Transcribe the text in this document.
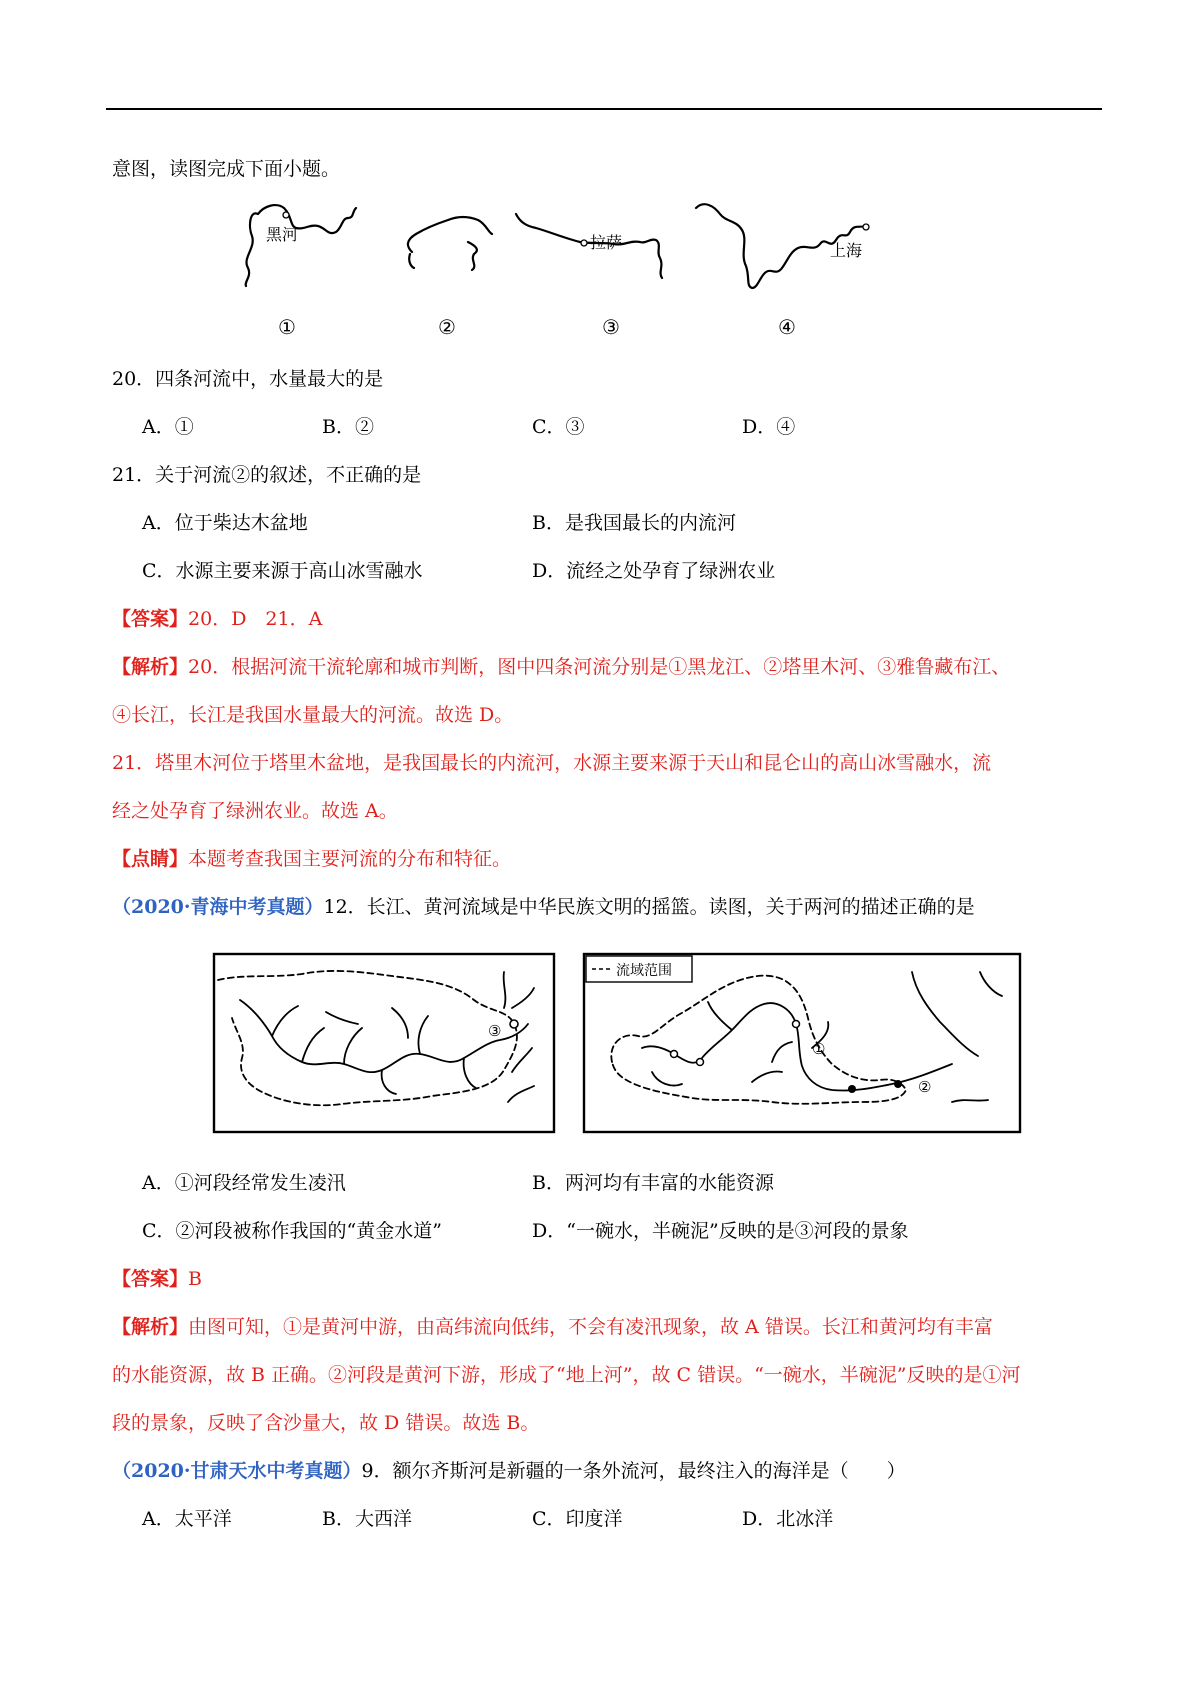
意图，读图完成下面小题。
黑河	拉萨	上海
①	②	③	④
20．四条河流中，水量最大的是
A．①	B．②	C．③	D．④
21．关于河流②的叙述，不正确的是
A．位于柴达木盆地	B．是我国最长的内流河
C．水源主要来源于高山冰雪融水	D．流经之处孕育了绿洲农业
【答案】20．D　21．A
【解析】20．根据河流干流轮廓和城市判断，图中四条河流分别是①黑龙江、②塔里木河、③雅鲁藏布江、
④长江，长江是我国水量最大的河流。故选 D。
21．塔里木河位于塔里木盆地，是我国最长的内流河，水源主要来源于天山和昆仑山的高山冰雪融水，流
经之处孕育了绿洲农业。故选 A。
【点睛】本题考查我国主要河流的分布和特征。
（2020·青海中考真题）12．长江、黄河流域是中华民族文明的摇篮。读图，关于两河的描述正确的是
③
流域范围
①
②
A．①河段经常发生凌汛	B．两河均有丰富的水能资源
C．②河段被称作我国的“黄金水道”	D．“一碗水，半碗泥”反映的是③河段的景象
【答案】B
【解析】由图可知，①是黄河中游，由高纬流向低纬，不会有凌汛现象，故 A 错误。长江和黄河均有丰富
的水能资源，故 B 正确。②河段是黄河下游，形成了“地上河”，故 C 错误。“一碗水，半碗泥”反映的是①河
段的景象，反映了含沙量大，故 D 错误。故选 B。
（2020·甘肃天水中考真题）9．额尔齐斯河是新疆的一条外流河，最终注入的海洋是（　　）
A．太平洋	B．大西洋	C．印度洋	D．北冰洋
